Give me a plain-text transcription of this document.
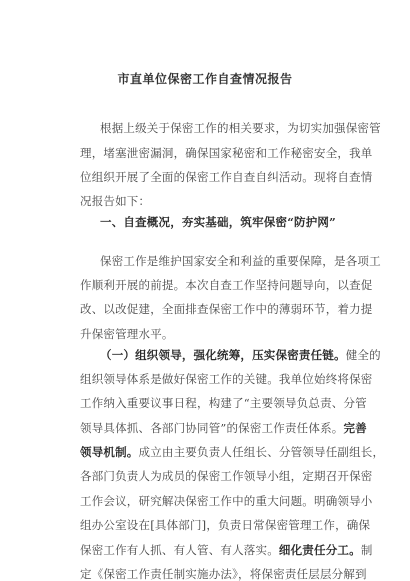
市直单位保密工作自查情况报告
根据上级关于保密工作的相关要求，为切实加强保密管
理，堵塞泄密漏洞，确保国家秘密和工作秘密安全，我单
位组织开展了全面的保密工作自查自纠活动。现将自查情
况报告如下：
一、自查概况，夯实基础，筑牢保密“防护网”
保密工作是维护国家安全和利益的重要保障，是各项工
作顺利开展的前提。本次自查工作坚持问题导向，以查促
改、以改促建，全面排查保密工作中的薄弱环节，着力提
升保密管理水平。
（一）组织领导，强化统筹，压实保密责任链。健全的
组织领导体系是做好保密工作的关键。我单位始终将保密
工作纳入重要议事日程，构建了“主要领导负总责、分管
领导具体抓、各部门协同管”的保密工作责任体系。完善
领导机制。成立由主要负责人任组长、分管领导任副组长，
各部门负责人为成员的保密工作领导小组，定期召开保密
工作会议，研究解决保密工作中的重大问题。明确领导小
组办公室设在[具体部门]，负责日常保密管理工作，确保
保密工作有人抓、有人管、有人落实。细化责任分工。制
定《保密工作责任制实施办法》，将保密责任层层分解到
